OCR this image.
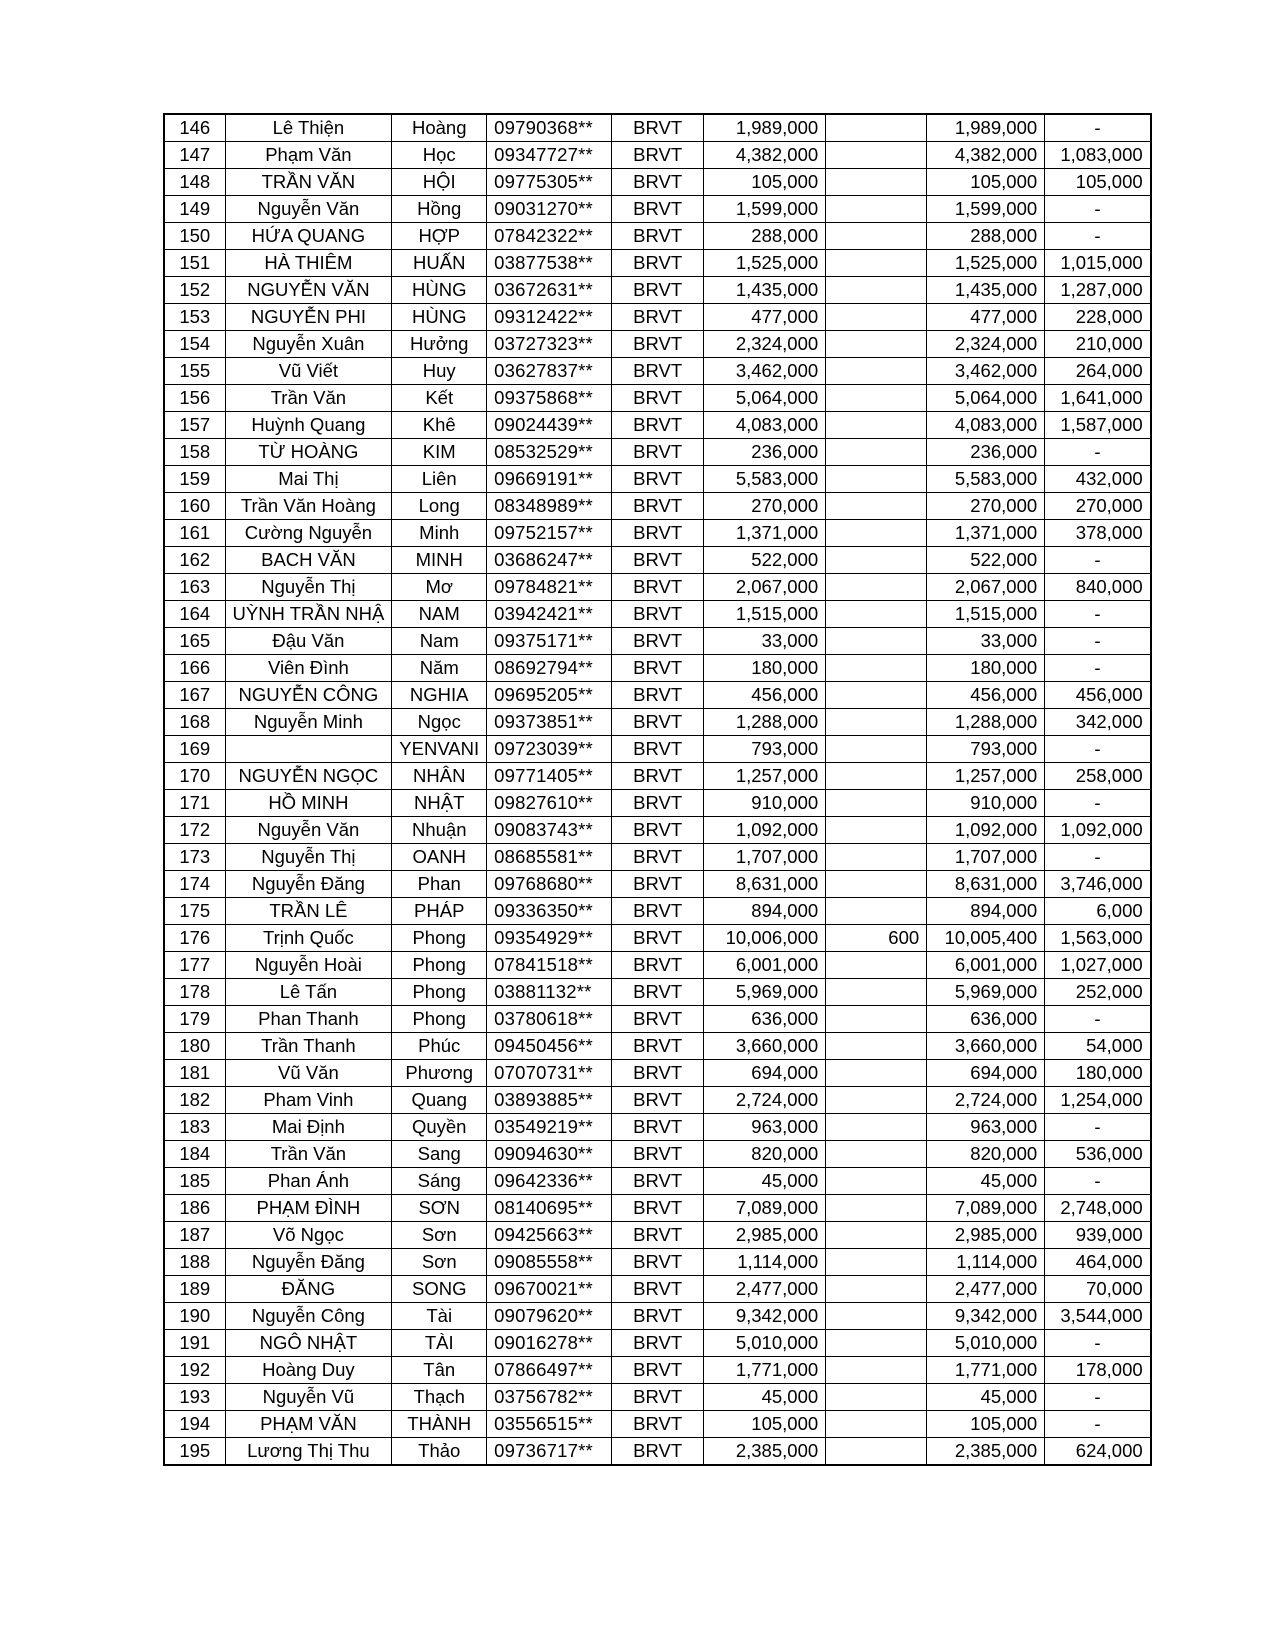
146	Lê Thiện	Hoàng	09790368**	BRVT	1,989,000		1,989,000	-
147	Phạm Văn	Học	09347727**	BRVT	4,382,000		4,382,000	1,083,000
148	TRẦN VĂN	HỘI	09775305**	BRVT	105,000		105,000	105,000
149	Nguyễn Văn	Hồng	09031270**	BRVT	1,599,000		1,599,000	-
150	HỨA QUANG	HỢP	07842322**	BRVT	288,000		288,000	-
151	HÀ THIÊM	HUẤN	03877538**	BRVT	1,525,000		1,525,000	1,015,000
152	NGUYỄN VĂN	HÙNG	03672631**	BRVT	1,435,000		1,435,000	1,287,000
153	NGUYỄN PHI	HÙNG	09312422**	BRVT	477,000		477,000	228,000
154	Nguyễn Xuân	Hưởng	03727323**	BRVT	2,324,000		2,324,000	210,000
155	Vũ Viết	Huy	03627837**	BRVT	3,462,000		3,462,000	264,000
156	Trần Văn	Kết	09375868**	BRVT	5,064,000		5,064,000	1,641,000
157	Huỳnh Quang	Khê	09024439**	BRVT	4,083,000		4,083,000	1,587,000
158	TỪ HOÀNG	KIM	08532529**	BRVT	236,000		236,000	-
159	Mai Thị	Liên	09669191**	BRVT	5,583,000		5,583,000	432,000
160	Trần Văn Hoàng	Long	08348989**	BRVT	270,000		270,000	270,000
161	Cường Nguyễn	Minh	09752157**	BRVT	1,371,000		1,371,000	378,000
162	BACH VĂN	MINH	03686247**	BRVT	522,000		522,000	-
163	Nguyễn Thị	Mơ	09784821**	BRVT	2,067,000		2,067,000	840,000
164	UỲNH TRẦN NHẬ	NAM	03942421**	BRVT	1,515,000		1,515,000	-
165	Đậu Văn	Nam	09375171**	BRVT	33,000		33,000	-
166	Viên Đình	Năm	08692794**	BRVT	180,000		180,000	-
167	NGUYỄN CÔNG	NGHIA	09695205**	BRVT	456,000		456,000	456,000
168	Nguyễn Minh	Ngọc	09373851**	BRVT	1,288,000		1,288,000	342,000
169		YENVANI	09723039**	BRVT	793,000		793,000	-
170	NGUYỄN NGỌC	NHÂN	09771405**	BRVT	1,257,000		1,257,000	258,000
171	HỒ MINH	NHẬT	09827610**	BRVT	910,000		910,000	-
172	Nguyễn Văn	Nhuận	09083743**	BRVT	1,092,000		1,092,000	1,092,000
173	Nguyễn Thị	OANH	08685581**	BRVT	1,707,000		1,707,000	-
174	Nguyễn Đăng	Phan	09768680**	BRVT	8,631,000		8,631,000	3,746,000
175	TRẦN LÊ	PHÁP	09336350**	BRVT	894,000		894,000	6,000
176	Trịnh Quốc	Phong	09354929**	BRVT	10,006,000	600	10,005,400	1,563,000
177	Nguyễn Hoài	Phong	07841518**	BRVT	6,001,000		6,001,000	1,027,000
178	Lê Tấn	Phong	03881132**	BRVT	5,969,000		5,969,000	252,000
179	Phan Thanh	Phong	03780618**	BRVT	636,000		636,000	-
180	Trần Thanh	Phúc	09450456**	BRVT	3,660,000		3,660,000	54,000
181	Vũ Văn	Phương	07070731**	BRVT	694,000		694,000	180,000
182	Pham Vinh	Quang	03893885**	BRVT	2,724,000		2,724,000	1,254,000
183	Mai Định	Quyền	03549219**	BRVT	963,000		963,000	-
184	Trần Văn	Sang	09094630**	BRVT	820,000		820,000	536,000
185	Phan Ánh	Sáng	09642336**	BRVT	45,000		45,000	-
186	PHẠM ĐÌNH	SƠN	08140695**	BRVT	7,089,000		7,089,000	2,748,000
187	Võ Ngọc	Sơn	09425663**	BRVT	2,985,000		2,985,000	939,000
188	Nguyễn Đăng	Sơn	09085558**	BRVT	1,114,000		1,114,000	464,000
189	ĐĂNG	SONG	09670021**	BRVT	2,477,000		2,477,000	70,000
190	Nguyễn Công	Tài	09079620**	BRVT	9,342,000		9,342,000	3,544,000
191	NGÔ NHẬT	TÀI	09016278**	BRVT	5,010,000		5,010,000	-
192	Hoàng Duy	Tân	07866497**	BRVT	1,771,000		1,771,000	178,000
193	Nguyễn Vũ	Thạch	03756782**	BRVT	45,000		45,000	-
194	PHẠM VĂN	THÀNH	03556515**	BRVT	105,000		105,000	-
195	Lương Thị Thu	Thảo	09736717**	BRVT	2,385,000		2,385,000	624,000
